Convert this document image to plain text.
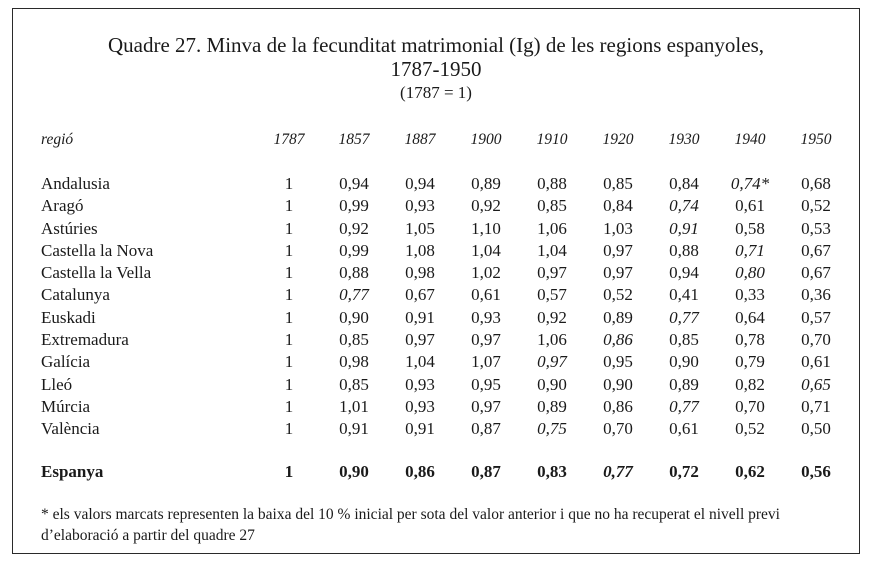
Quadre 27. Minva de la fecunditat matrimonial (Ig) de les regions espanyoles,
1787-1950
(1787 = 1)
regió	1787	1857	1887	1900	1910	1920	1930	1940	1950

Andalusia	1	0,94	0,94	0,89	0,88	0,85	0,84	0,74*	0,68
Aragó	1	0,99	0,93	0,92	0,85	0,84	0,74	0,61	0,52
Astúries	1	0,92	1,05	1,10	1,06	1,03	0,91	0,58	0,53
Castella la Nova	1	0,99	1,08	1,04	1,04	0,97	0,88	0,71	0,67
Castella la Vella	1	0,88	0,98	1,02	0,97	0,97	0,94	0,80	0,67
Catalunya	1	0,77	0,67	0,61	0,57	0,52	0,41	0,33	0,36
Euskadi	1	0,90	0,91	0,93	0,92	0,89	0,77	0,64	0,57
Extremadura	1	0,85	0,97	0,97	1,06	0,86	0,85	0,78	0,70
Galícia	1	0,98	1,04	1,07	0,97	0,95	0,90	0,79	0,61
Lleó	1	0,85	0,93	0,95	0,90	0,90	0,89	0,82	0,65
Múrcia	1	1,01	0,93	0,97	0,89	0,86	0,77	0,70	0,71
València	1	0,91	0,91	0,87	0,75	0,70	0,61	0,52	0,50

Espanya	1	0,90	0,86	0,87	0,83	0,77	0,72	0,62	0,56
* els valors marcats representen la baixa del 10 % inicial per sota del valor anterior i que no ha recuperat el nivell previ d’elaboració a partir del quadre 27
